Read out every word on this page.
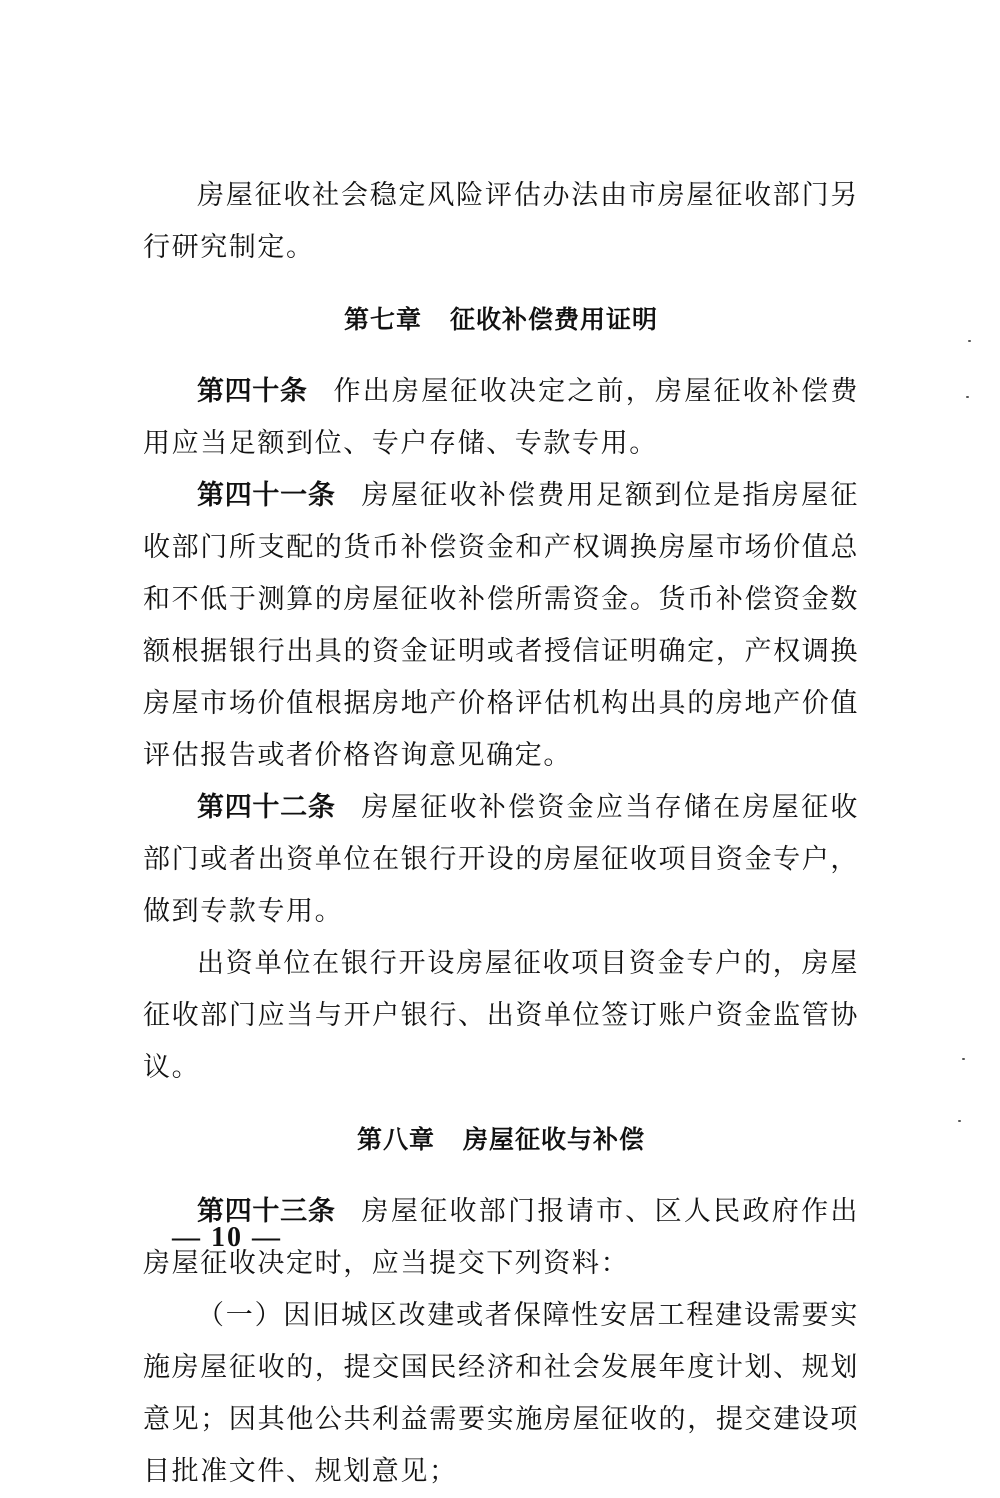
房屋征收社会稳定风险评估办法由市房屋征收部门另行研究制定。

第七章 征收补偿费用证明

第四十条 作出房屋征收决定之前，房屋征收补偿费用应当足额到位、专户存储、专款专用。

第四十一条 房屋征收补偿费用足额到位是指房屋征收部门所支配的货币补偿资金和产权调换房屋市场价值总和不低于测算的房屋征收补偿所需资金。货币补偿资金数额根据银行出具的资金证明或者授信证明确定，产权调换房屋市场价值根据房地产价格评估机构出具的房地产价值评估报告或者价格咨询意见确定。

第四十二条 房屋征收补偿资金应当存储在房屋征收部门或者出资单位在银行开设的房屋征收项目资金专户，做到专款专用。

出资单位在银行开设房屋征收项目资金专户的，房屋征收部门应当与开户银行、出资单位签订账户资金监管协议。

第八章 房屋征收与补偿

第四十三条 房屋征收部门报请市、区人民政府作出房屋征收决定时，应当提交下列资料：

（一）因旧城区改建或者保障性安居工程建设需要实施房屋征收的，提交国民经济和社会发展年度计划、规划意见；因其他公共利益需要实施房屋征收的，提交建设项目批准文件、规划意见；

— 10 —
